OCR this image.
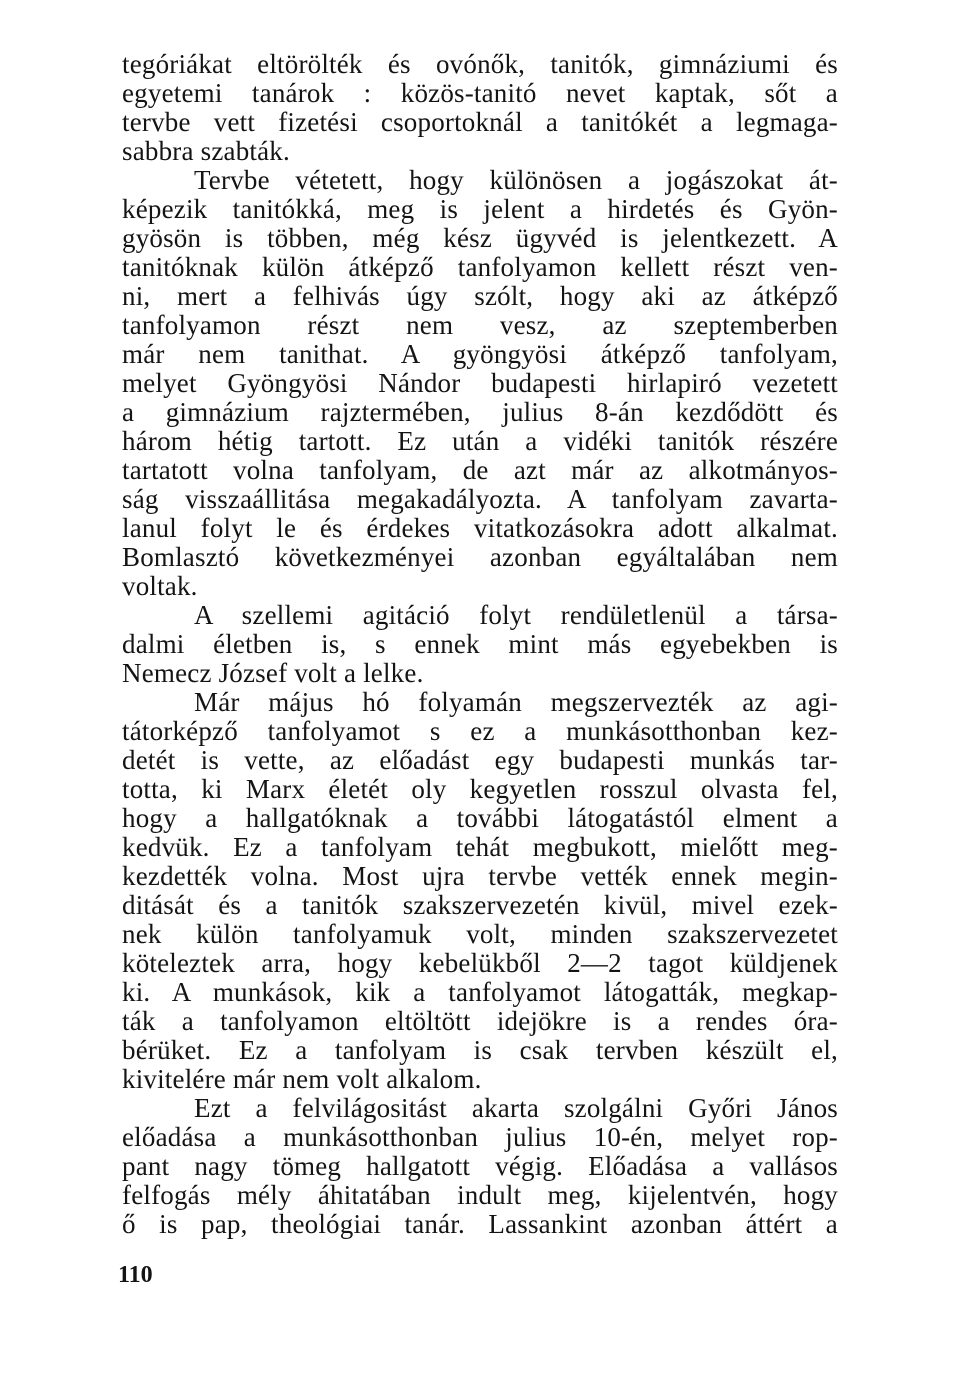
tegóriákat eltörölték és ovónők, tanitók, gimnáziumi és
egyetemi tanárok : közös-tanitó nevet kaptak, sőt a
tervbe vett fizetési csoportoknál a tanitókét a legmaga-
sabbra szabták.
Tervbe vétetett, hogy különösen a jogászokat át-
képezik tanitókká, meg is jelent a hirdetés és Gyön-
gyösön is többen, még kész ügyvéd is jelentkezett. A
tanitóknak külön átképző tanfolyamon kellett részt ven-
ni, mert a felhivás úgy szólt, hogy aki az átképző
tanfolyamon részt nem vesz, az szeptemberben
már nem tanithat. A gyöngyösi átképző tanfolyam,
melyet Gyöngyösi Nándor budapesti hirlapiró vezetett
a gimnázium rajztermében, julius 8-án kezdődött és
három hétig tartott. Ez után a vidéki tanitók részére
tartatott volna tanfolyam, de azt már az alkotmányos-
ság visszaállitása megakadályozta. A tanfolyam zavarta-
lanul folyt le és érdekes vitatkozásokra adott alkalmat.
Bomlasztó következményei azonban egyáltalában nem
voltak.
A szellemi agitáció folyt rendületlenül a társa-
dalmi életben is, s ennek mint más egyebekben is
Nemecz József volt a lelke.
Már május hó folyamán megszervezték az agi-
tátorképző tanfolyamot s ez a munkásotthonban kez-
detét is vette, az előadást egy budapesti munkás tar-
totta, ki Marx életét oly kegyetlen rosszul olvasta fel,
hogy a hallgatóknak a további látogatástól elment a
kedvük. Ez a tanfolyam tehát megbukott, mielőtt meg-
kezdették volna. Most ujra tervbe vették ennek megin-
ditását és a tanitók szakszervezetén kivül, mivel ezek-
nek külön tanfolyamuk volt, minden szakszervezetet
köteleztek arra, hogy kebelükből 2—2 tagot küldjenek
ki. A munkások, kik a tanfolyamot látogatták, megkap-
ták a tanfolyamon eltöltött idejökre is a rendes óra-
bérüket. Ez a tanfolyam is csak tervben készült el,
kivitelére már nem volt alkalom.
Ezt a felvilágositást akarta szolgálni Győri János
előadása a munkásotthonban julius 10-én, melyet rop-
pant nagy tömeg hallgatott végig. Előadása a vallásos
felfogás mély áhitatában indult meg, kijelentvén, hogy
ő is pap, theológiai tanár. Lassankint azonban áttért a
110
